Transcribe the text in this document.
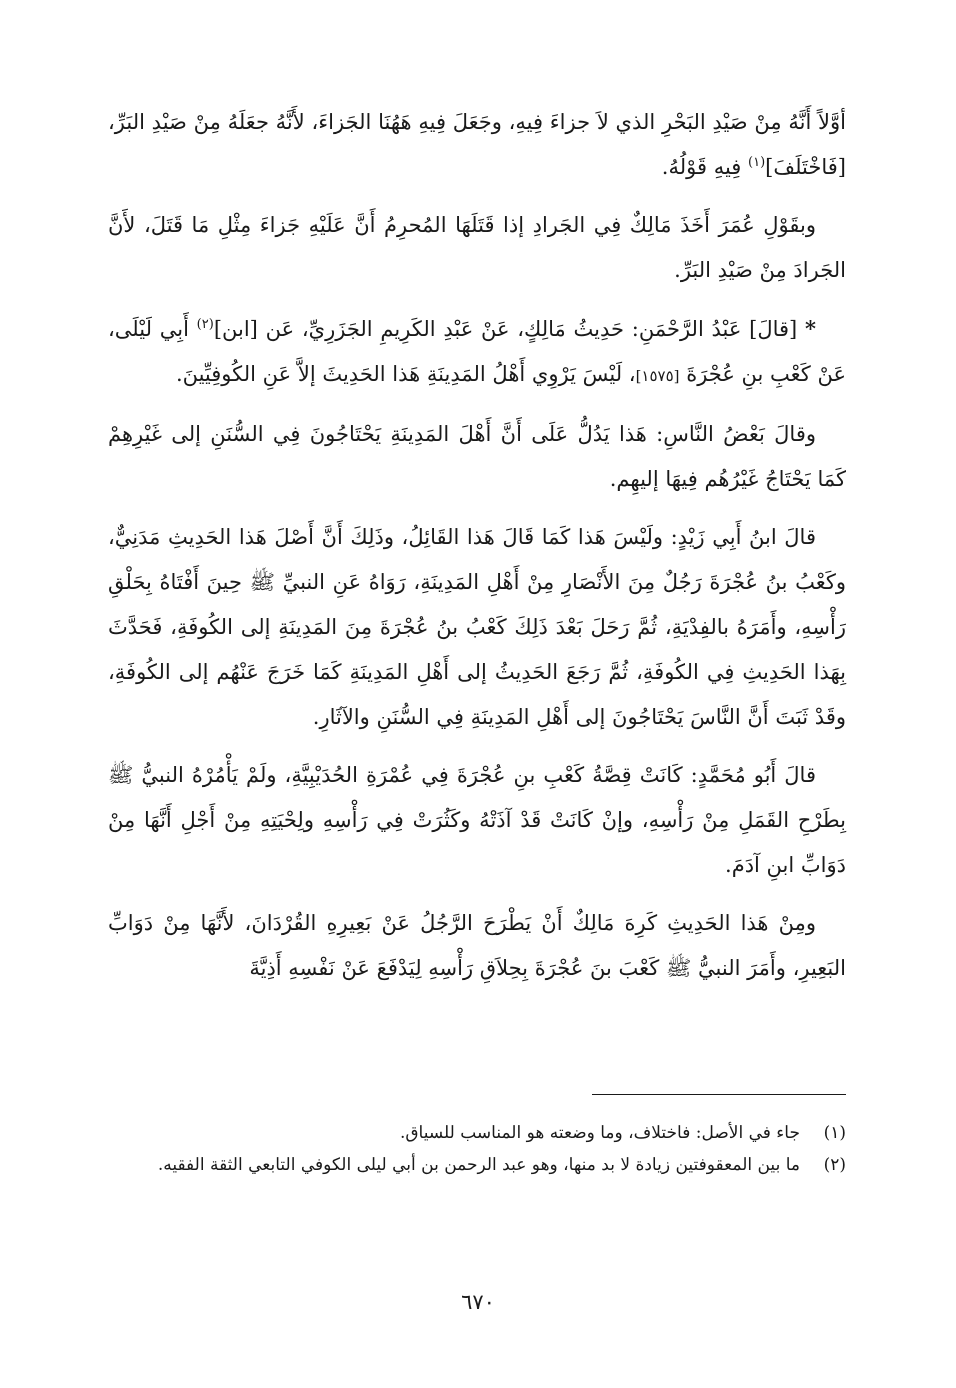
أوَّلاً أَنَّهُ مِنْ صَيْدِ البَحْرِ الذي لاَ جزاءَ فِيهِ، وجَعَلَ فِيهِ هَهُنَا الجَزاءَ، لأَنَّهُ جعَلَهُ مِنْ صَيْدِ البَرِّ، [فَاخْتَلَفَ]$^{(١)}$ فِيهِ قَوْلُهُ.

وبقَوْلِ عُمَرَ أَخَذَ مَالِكٌ فِي الجَرادِ إذا قَتَلَهَا المُحرِمُ أَنَّ عَلَيْهِ جَزاءَ مِثْلِ مَا قَتَلَ، لأَنَّ الجَرادَ مِنْ صَيْدِ البَرِّ.

* [قالَ] عَبْدُ الرَّحْمَنِ: حَدِيثُ مَالِكٍ، عَنْ عَبْدِ الكَرِيمِ الجَزَرِيِّ، عَن [ابن]$^{(٢)}$ أَبِي لَيْلَى، عَنْ كَعْبِ بنِ عُجْرَةَ [١٥٧٥]، لَيْسَ يَرْوِي أَهْلُ المَدِينَةِ هَذا الحَدِيثَ إلاَّ عَنِ الكُوفِيِّينَ.

وقالَ بَعْضُ النَّاسِ: هَذا يَدُلُّ عَلَى أَنَّ أَهْلَ المَدِينَةِ يَحْتَاجُونَ فِي السُّنَنِ إلى غَيْرِهِمْ كَمَا يَحْتَاجُ غَيْرُهُم فِيهَا إليهِم.

قالَ ابنُ أَبِي زَيْدٍ: ولَيْسَ هَذا كَمَا قَالَ هَذا القَائِلُ، وذَلِكَ أَنَّ أَصْلَ هَذا الحَدِيثِ مَدَنِيٌّ، وكَعْبُ بنُ عُجْرَةَ رَجُلٌ مِنَ الأَنْصَارِ مِنْ أَهْلِ المَدِينَةِ، رَوَاهُ عَنِ النبيِّ ﷺ حِينَ أَفْتَاهُ بِحَلْقِ رَأْسِهِ، وأَمَرَهُ بالفِدْيَةِ، ثُمَّ رَحَلَ بَعْدَ ذَلِكَ كَعْبُ بنُ عُجْرَةَ مِنَ المَدِينَةِ إلى الكُوفَةِ، فَحَدَّثَ بِهَذا الحَدِيثِ فِي الكُوفَةِ، ثُمَّ رَجَعَ الحَدِيثُ إلى أَهْلِ المَدِينَةِ كَمَا خَرَجَ عَنْهُم إلى الكُوفَةِ، وقَدْ ثَبَتَ أَنَّ النَّاسَ يَحْتَاجُونَ إلى أَهْلِ المَدِينَةِ فِي السُّنَنِ والآثَارِ.

قالَ أَبُو مُحَمَّدٍ: كَانَتْ قِصَّةُ كَعْبِ بنِ عُجْرَةَ فِي عُمْرَةِ الحُدَيْبِيَّةِ، ولَمْ يَأْمُرْهُ النبيُّ ﷺ بِطَرْحِ القَمَلِ مِنْ رَأْسِهِ، وإنْ كَانَتْ قَدْ آذَتْهُ وكَثُرَتْ فِي رَأْسِهِ ولِحْيَتِهِ مِنْ أَجْلِ أَنَّهَا مِنْ دَوَابِّ ابنِ آدَمَ.

ومِنْ هَذا الحَدِيثِ كَرِهَ مَالِكٌ أَنْ يَطْرَحَ الرَّجُلُ عَنْ بَعِيرِهِ القُرْدَانَ، لأَنَّهَا مِنْ دَوَابِّ البَعِيرِ، وأَمَرَ النبيُّ ﷺ كَعْبَ بنَ عُجْرَةَ بِحِلاَقِ رَأْسِهِ لِيَدْفَعَ عَنْ نَفْسِهِ أَذِيَّةَ

(١)
جاء في الأصل: فاختلاف، وما وضعته هو المناسب للسياق.
(٢)
ما بين المعقوفتين زيادة لا بد منها، وهو عبد الرحمن بن أبي ليلى الكوفي التابعي الثقة الفقيه.
٦٧٠
